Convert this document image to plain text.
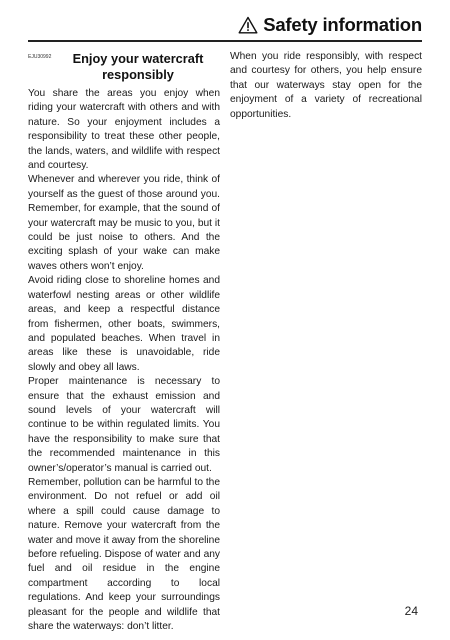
Safety information
EJU30992	Enjoy your watercraft responsibly

You share the areas you enjoy when riding your watercraft with others and with nature. So your enjoyment includes a responsibility to treat these other people, the lands, waters, and wildlife with respect and courtesy.

Whenever and wherever you ride, think of yourself as the guest of those around you. Remember, for example, that the sound of your watercraft may be music to you, but it could be just noise to others. And the exciting splash of your wake can make waves others won’t enjoy.

Avoid riding close to shoreline homes and waterfowl nesting areas or other wildlife areas, and keep a respectful distance from fishermen, other boats, swimmers, and populated beaches. When travel in areas like these is unavoidable, ride slowly and obey all laws.

Proper maintenance is necessary to ensure that the exhaust emission and sound levels of your watercraft will continue to be within regulated limits. You have the responsibility to make sure that the recommended maintenance in this owner’s/operator’s manual is carried out.

Remember, pollution can be harmful to the environment. Do not refuel or add oil where a spill could cause damage to nature. Remove your watercraft from the water and move it away from the shoreline before refueling. Dispose of water and any fuel and oil residue in the engine compartment according to local regulations. And keep your surroundings pleasant for the people and wildlife that share the waterways: don’t litter.

When you ride responsibly, with respect and courtesy for others, you help ensure that our waterways stay open for the enjoyment of a variety of recreational opportunities.

24
